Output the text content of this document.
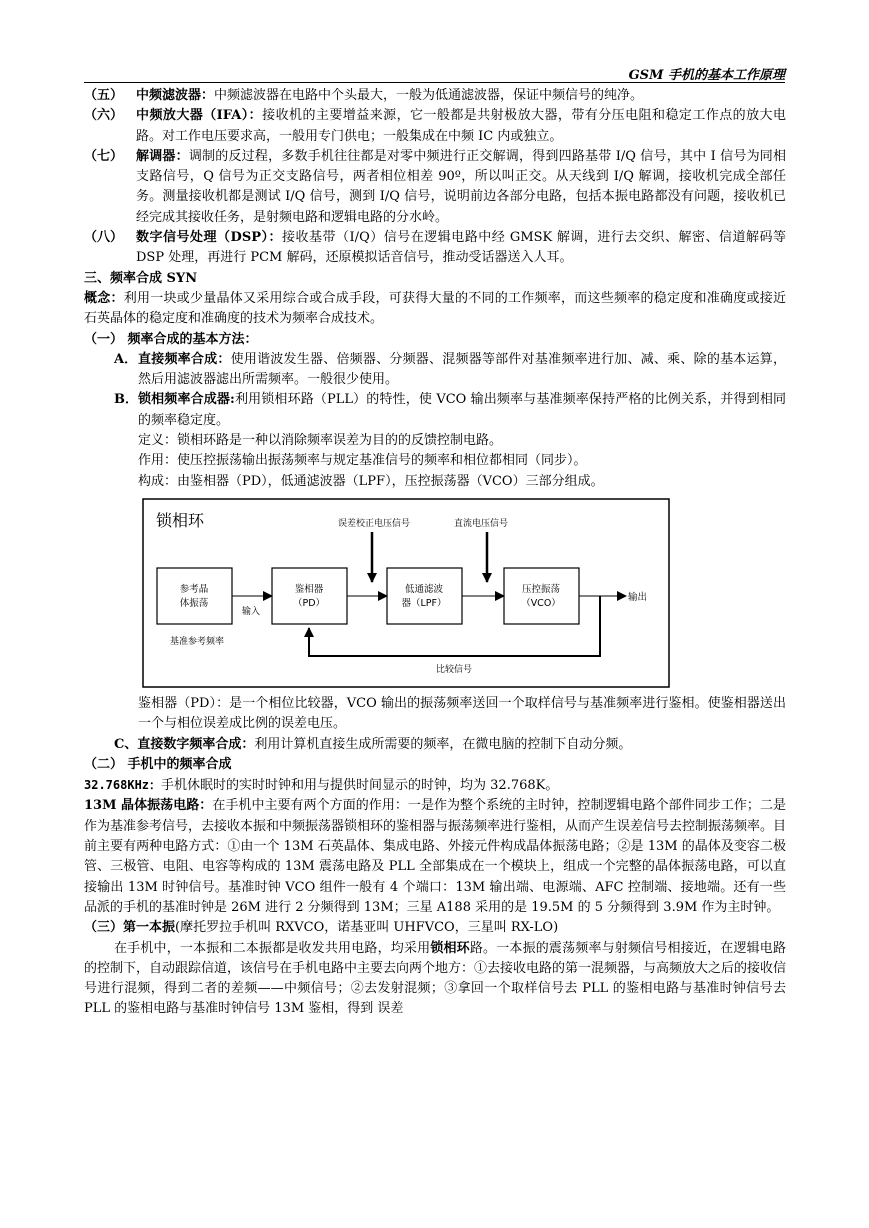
GSM 手机的基本工作原理
（五） 中频滤波器：中频滤波器在电路中个头最大，一般为低通滤波器，保证中频信号的纯净。
（六） 中频放大器（IFA）：接收机的主要增益来源，它一般都是共射极放大器，带有分压电阻和稳定工作点的放大电路。对工作电压要求高，一般用专门供电；一般集成在中频 IC 内或独立。
（七） 解调器：调制的反过程，多数手机往往都是对零中频进行正交解调，得到四路基带 I/Q 信号，其中 I 信号为同相支路信号，Q 信号为正交支路信号，两者相位相差 90º，所以叫正交。从天线到 I/Q 解调，接收机完成全部任务。测量接收机都是测试 I/Q 信号，测到 I/Q 信号，说明前边各部分电路，包括本振电路都没有问题，接收机已经完成其接收任务，是射频电路和逻辑电路的分水岭。
（八） 数字信号处理（DSP）：接收基带（I/Q）信号在逻辑电路中经 GMSK 解调，进行去交织、解密、信道解码等 DSP 处理，再进行 PCM 解码，还原模拟话音信号，推动受话器送入人耳。
三、频率合成 SYN
概念：利用一块或少量晶体又采用综合或合成手段，可获得大量的不同的工作频率，而这些频率的稳定度和准确度或接近石英晶体的稳定度和准确度的技术为频率合成技术。
（一） 频率合成的基本方法：
A． 直接频率合成：使用谐波发生器、倍频器、分频器、混频器等部件对基准频率进行加、减、乘、除的基本运算，然后用滤波器滤出所需频率。一般很少使用。
B． 锁相频率合成器:利用锁相环路（PLL）的特性，使 VCO 输出频率与基准频率保持严格的比例关系，并得到相同的频率稳定度。
定义：锁相环路是一种以消除频率误差为目的的反馈控制电路。
作用：使压控振荡输出振荡频率与规定基准信号的频率和相位都相同（同步）。
构成：由鉴相器（PD），低通滤波器（LPF），压控振荡器（VCO）三部分组成。
锁相环	误差校正电压信号	直流电压信号
参考晶
体振荡
鉴相器
（PD）
低通滤波
器（LPF）
压控振荡
（VCO）
输入
输出
基准参考频率
比较信号
鉴相器（PD）：是一个相位比较器，VCO 输出的振荡频率送回一个取样信号与基准频率进行鉴相。使鉴相器送出一个与相位误差成比例的误差电压。
C、直接数字频率合成：利用计算机直接生成所需要的频率，在微电脑的控制下自动分频。
（二） 手机中的频率合成
32.768KHz：手机休眠时的实时时钟和用与提供时间显示的时钟，均为 32.768K。
13M 晶体振荡电路：在手机中主要有两个方面的作用：一是作为整个系统的主时钟，控制逻辑电路个部件同步工作；二是作为基准参考信号，去接收本振和中频振荡器锁相环的鉴相器与振荡频率进行鉴相，从而产生误差信号去控制振荡频率。目前主要有两种电路方式：①由一个 13M 石英晶体、集成电路、外接元件构成晶体振荡电路；②是 13M 的晶体及变容二极管、三极管、电阻、电容等构成的 13M 震荡电路及 PLL 全部集成在一个模块上，组成一个完整的晶体振荡电路，可以直接输出 13M 时钟信号。基准时钟 VCO 组件一般有 4 个端口：13M 输出端、电源端、AFC 控制端、接地端。还有一些品派的手机的基准时钟是 26M 进行 2 分频得到 13M；三星 A188 采用的是 19.5M 的 5 分频得到 3.9M 作为主时钟。
（三）第一本振(摩托罗拉手机叫 RXVCO，诺基亚叫 UHFVCO，三星叫 RX-LO)
在手机中，一本振和二本振都是收发共用电路，均采用锁相环路。一本振的震荡频率与射频信号相接近，在逻辑电路的控制下，自动跟踪信道，该信号在手机电路中主要去向两个地方：①去接收电路的第一混频器，与高频放大之后的接收信号进行混频，得到二者的差频——中频信号；②去发射混频；③拿回一个取样信号去 PLL 的鉴相电路与基准时钟信号去 PLL 的鉴相电路与基准时钟信号 13M 鉴相，得到 误差
